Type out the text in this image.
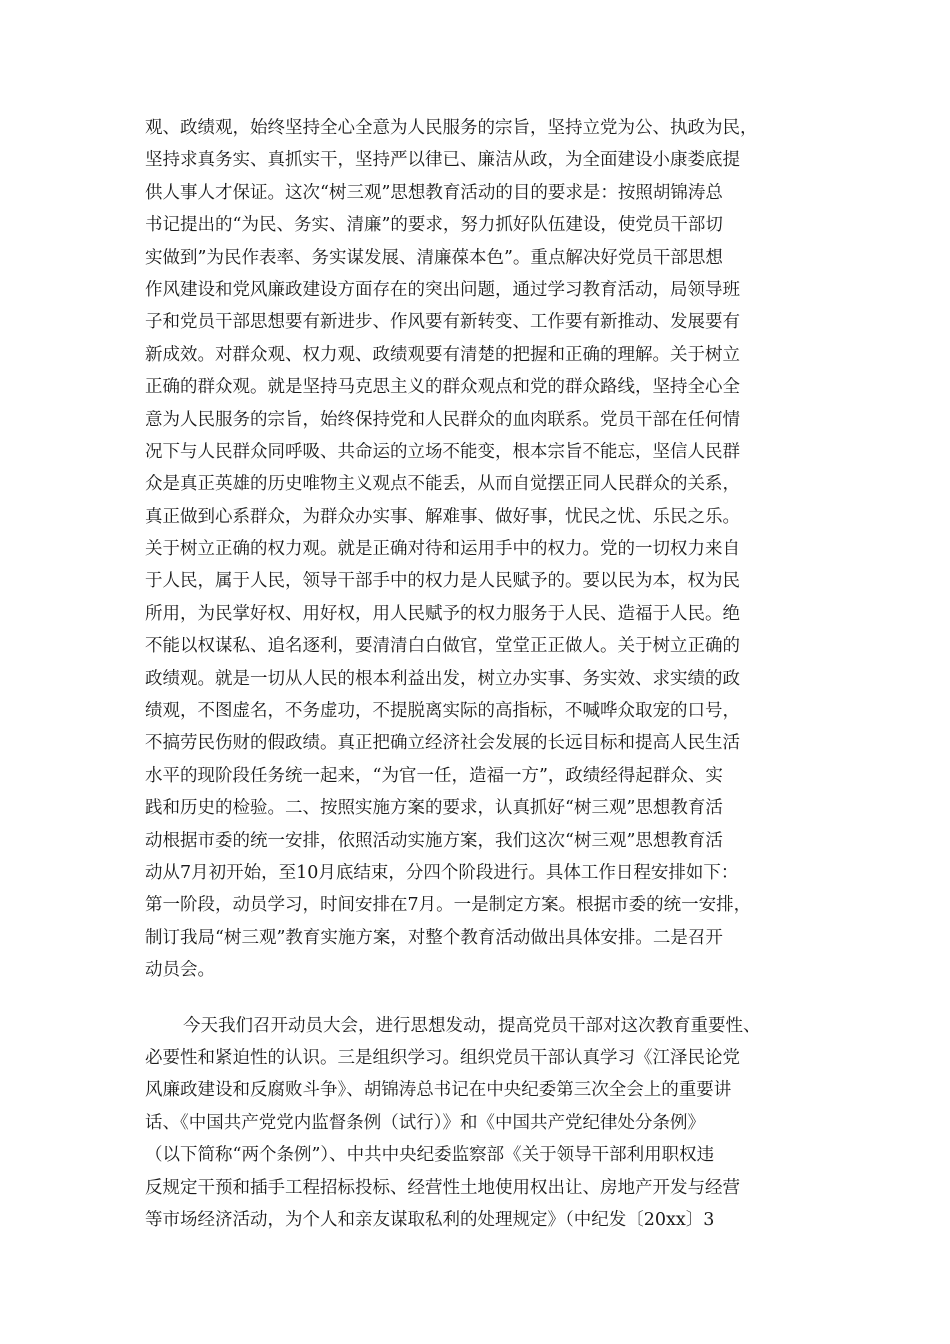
观、政绩观，始终坚持全心全意为人民服务的宗旨，坚持立党为公、执政为民，
坚持求真务实、真抓实干，坚持严以律已、廉洁从政，为全面建设小康娄底提
供人事人才保证。这次“树三观”思想教育活动的目的要求是：按照胡锦涛总
书记提出的“为民、务实、清廉”的要求，努力抓好队伍建设，使党员干部切
实做到”为民作表率、务实谋发展、清廉葆本色”。重点解决好党员干部思想
作风建设和党风廉政建设方面存在的突出问题，通过学习教育活动，局领导班
子和党员干部思想要有新进步、作风要有新转变、工作要有新推动、发展要有
新成效。对群众观、权力观、政绩观要有清楚的把握和正确的理解。关于树立
正确的群众观。就是坚持马克思主义的群众观点和党的群众路线，坚持全心全
意为人民服务的宗旨，始终保持党和人民群众的血肉联系。党员干部在任何情
况下与人民群众同呼吸、共命运的立场不能变，根本宗旨不能忘，坚信人民群
众是真正英雄的历史唯物主义观点不能丢，从而自觉摆正同人民群众的关系，
真正做到心系群众，为群众办实事、解难事、做好事，忧民之忧、乐民之乐。
关于树立正确的权力观。就是正确对待和运用手中的权力。党的一切权力来自
于人民，属于人民，领导干部手中的权力是人民赋予的。要以民为本，权为民
所用，为民掌好权、用好权，用人民赋予的权力服务于人民、造福于人民。绝
不能以权谋私、追名逐利，要清清白白做官，堂堂正正做人。关于树立正确的
政绩观。就是一切从人民的根本利益出发，树立办实事、务实效、求实绩的政
绩观，不图虚名，不务虚功，不提脱离实际的高指标，不喊哗众取宠的口号，
不搞劳民伤财的假政绩。真正把确立经济社会发展的长远目标和提高人民生活
水平的现阶段任务统一起来，“为官一任，造福一方”，政绩经得起群众、实
践和历史的检验。二、按照实施方案的要求，认真抓好“树三观”思想教育活
动根据市委的统一安排，依照活动实施方案，我们这次“树三观”思想教育活
动从7月初开始，至10月底结束，分四个阶段进行。具体工作日程安排如下：
第一阶段，动员学习，时间安排在7月。一是制定方案。根据市委的统一安排，
制订我局“树三观”教育实施方案，对整个教育活动做出具体安排。二是召开
动员会。
今天我们召开动员大会，进行思想发动，提高党员干部对这次教育重要性、
必要性和紧迫性的认识。三是组织学习。组织党员干部认真学习《江泽民论党
风廉政建设和反腐败斗争》、胡锦涛总书记在中央纪委第三次全会上的重要讲
话、《中国共产党党内监督条例（试行）》和《中国共产党纪律处分条例》
（以下简称“两个条例”）、中共中央纪委监察部《关于领导干部利用职权违
反规定干预和插手工程招标投标、经营性土地使用权出让、房地产开发与经营
等市场经济活动，为个人和亲友谋取私利的处理规定》（中纪发〔20xx〕3
